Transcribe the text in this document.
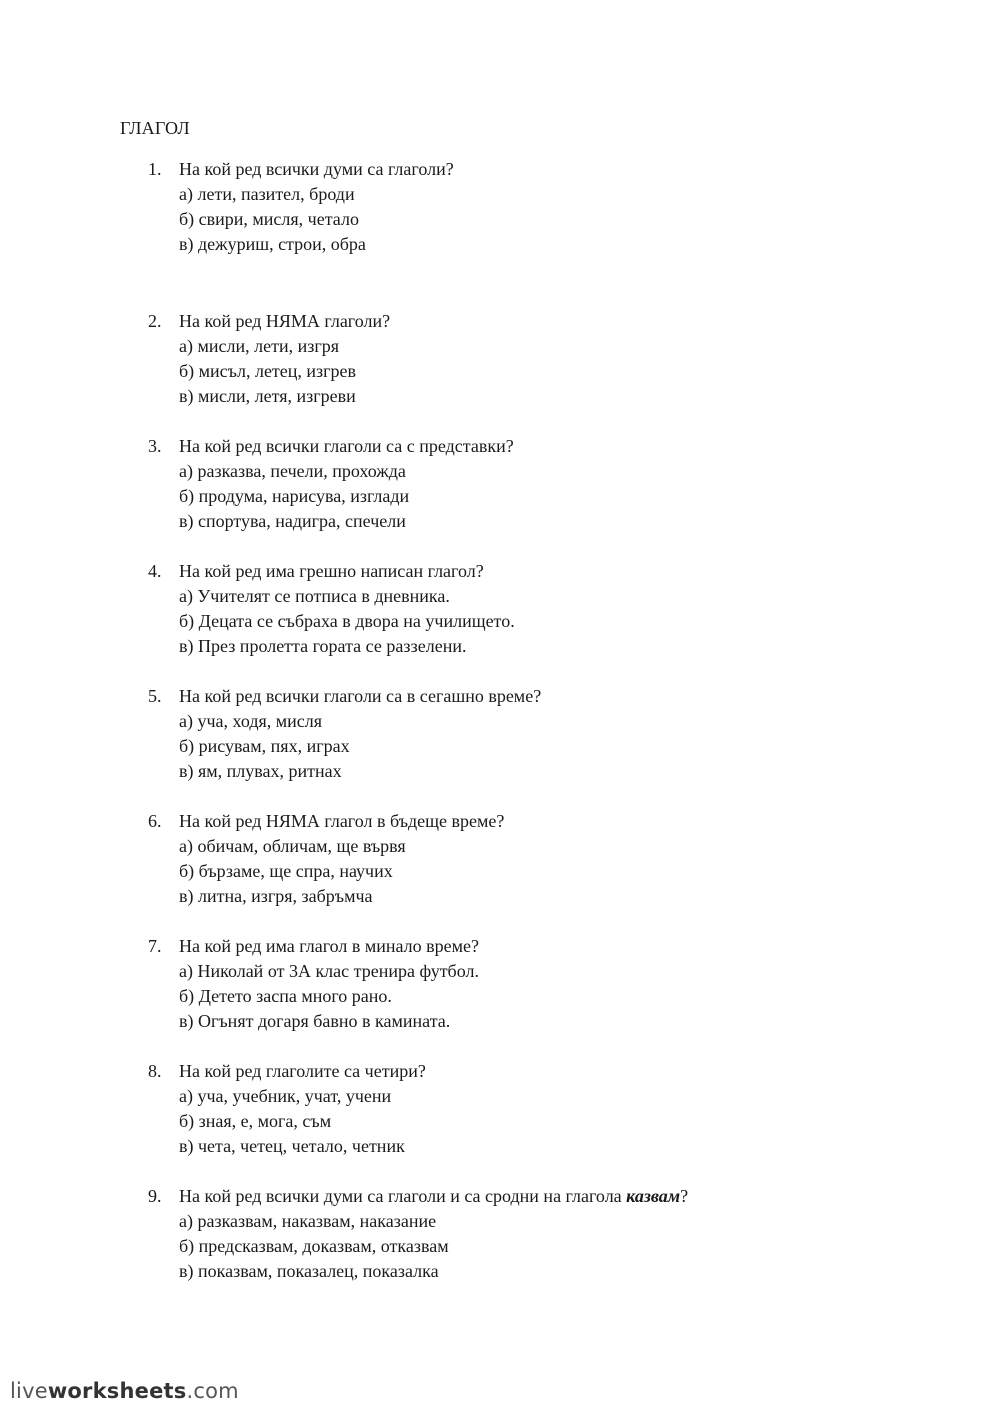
ГЛАГОЛ
1. На кой ред всички думи са глаголи?
а) лети, пазител, броди
б) свири, мисля, четало
в) дежуриш, строи, обра
2. На кой ред НЯМА глаголи?
а) мисли, лети, изгря
б) мисъл, летец, изгрев
в) мисли, летя, изгреви
3. На кой ред всички глаголи са с представки?
а) разказва, печели, прохожда
б) продума, нарисува, изглади
в) спортува, надигра, спечели
4. На кой ред има грешно написан глагол?
а) Учителят се потписа в дневника.
б) Децата се събраха в двора на училището.
в) През пролетта гората се раззелени.
5. На кой ред всички глаголи са в сегашно време?
а) уча, ходя, мисля
б) рисувам, пях, играх
в) ям, плувах, ритнах
6. На кой ред НЯМА глагол в бъдеще време?
а) обичам, обличам, ще вървя
б) бързаме, ще спра, научих
в) литна, изгря, забръмча
7. На кой ред има глагол в минало време?
а) Николай от 3А клас тренира футбол.
б) Детето заспа много рано.
в) Огънят догаря бавно в камината.
8. На кой ред глаголите са четири?
а) уча, учебник, учат, учени
б) зная, е, мога, съм
в) чета, четец, четало, четник
9. На кой ред всички думи са глаголи и са сродни на глагола казвам?
а) разказвам, наказвам, наказание
б) предсказвам, доказвам, отказвам
в) показвам, показалец, показалка
liveworksheets.com
